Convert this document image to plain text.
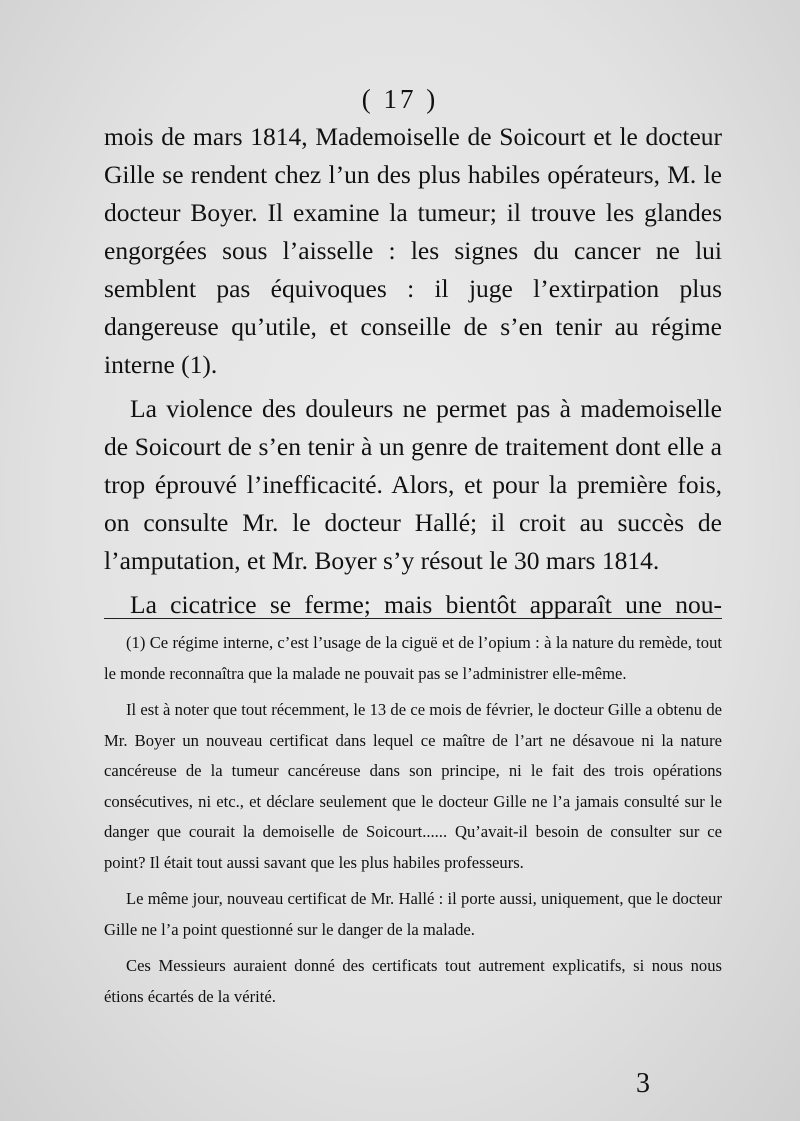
( 17 )

mois de mars 1814, Mademoiselle de Soicourt et le docteur Gille se rendent chez l’un des plus habiles opérateurs, M. le docteur Boyer. Il examine la tumeur; il trouve les glandes engorgées sous l’aisselle : les signes du cancer ne lui semblent pas équivoques : il juge l’extirpation plus dangereuse qu’utile, et conseille de s’en tenir au régime interne (1).

La violence des douleurs ne permet pas à mademoiselle de Soicourt de s’en tenir à un genre de traitement dont elle a trop éprouvé l’inefficacité. Alors, et pour la première fois, on consulte Mr. le docteur Hallé; il croit au succès de l’amputation, et Mr. Boyer s’y résout le 30 mars 1814.

La cicatrice se ferme; mais bientôt apparaît une nou-

(1) Ce régime interne, c’est l’usage de la ciguë et de l’opium : à la nature du remède, tout le monde reconnaîtra que la malade ne pouvait pas se l’administrer elle-même.

Il est à noter que tout récemment, le 13 de ce mois de février, le docteur Gille a obtenu de Mr. Boyer un nouveau certificat dans lequel ce maître de l’art ne désavoue ni la nature cancéreuse de la tumeur cancéreuse dans son principe, ni le fait des trois opérations consécutives, ni etc., et déclare seulement que le docteur Gille ne l’a jamais consulté sur le danger que courait la demoiselle de Soicourt...... Qu’avait-il besoin de consulter sur ce point? Il était tout aussi savant que les plus habiles professeurs.

Le même jour, nouveau certificat de Mr. Hallé : il porte aussi, uniquement, que le docteur Gille ne l’a point questionné sur le danger de la malade.

Ces Messieurs auraient donné des certificats tout autrement explicatifs, si nous nous étions écartés de la vérité.

3
